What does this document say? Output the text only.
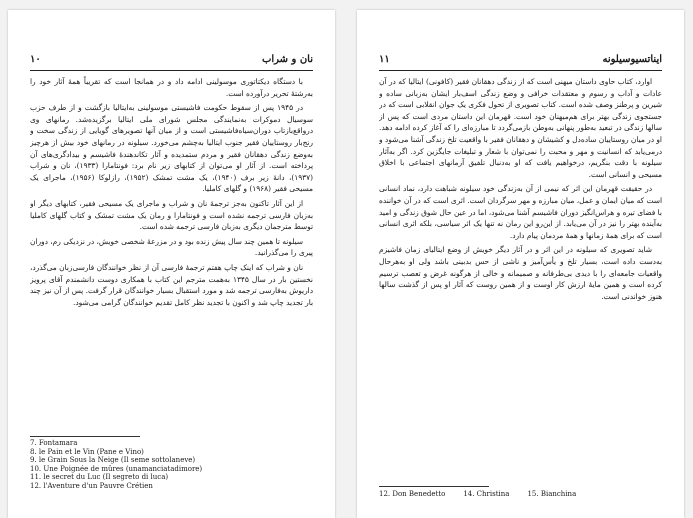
۱۰	نان و شراب

با دستگاه دیکتاتوری موسولینی ادامه داد و در همانجا است که تقریباً همهٔ آثار خود را به‌رشتهٔ تحریر درآورده است.

در ۱۹۴۵ پس از سقوط حکومت فاشیستی موسولینی به‌ایتالیا بازگشت و از طرف حزب سوسیال دموکرات به‌نمایندگی مجلس شورای ملی ایتالیا برگزیده‌شد. رمانهای وی درواقع‌بازتاب دوران‌سیاه‌فاشیستی است و از میان آنها تصویرهای گویایی از زندگی سخت و رنج‌بار روستاییان فقیر جنوب ایتالیا به‌چشم می‌خورد. سیلونه در رمانهای خود بیش از هرچیز به‌وضع زندگی دهقانان فقیر و مردم ستمدیده و آثار تکاندهندهٔ فاشیسم و بیدادگری‌های آن پرداخته است. از آثار او می‌توان از کتابهای زیر نام برد: فونتامارا (۱۹۳۳)، نان و شراب (۱۹۳۷)، دانهٔ زیر برف (۱۹۴۰)، یک مشت تمشک (۱۹۵۲)، رازلوکا (۱۹۵۶)، ماجرای یک مسیحی فقیر (۱۹۶۸) و گلهای کاملیا.

از این آثار تاکنون به‌جز ترجمهٔ نان و شراب و ماجرای یک مسیحی فقیر، کتابهای دیگر او به‌زبان فارسی ترجمه نشده است و فونتامارا و رمان یک مشت تمشک و کتاب گلهای کاملیا توسط مترجمان دیگری به‌زبان فارسی ترجمه شده است.

سیلونه تا همین چند سال پیش زنده بود و در مزرعهٔ شخصی خویش، در نزدیکی رم، دوران پیری را می‌گذرانید.

نان و شراب که اینک چاپ هفتم ترجمهٔ فارسی آن از نظر خوانندگان فارسی‌زبان می‌گذرد، نخستین بار در سال ۱۳۴۵ به‌همت مترجم این کتاب با همکاری دوست دانشمندم آقای پرویز داریوش به‌فارسی ترجمه شد و مورد استقبال بسیار خوانندگان قرار گرفت. پس از آن نیز چند بار تجدید چاپ شد و اکنون با تجدید نظر کامل تقدیم خوانندگان گرامی می‌شود.

7. Fontamara
8. le Pain et le Vin (Pane e Vino)
9. le Grain Sous la Neige (Il seme sottolaneve)
10. Une Poignée de mûres (unamanciatadimore)
11. le secret du Luc (Il segreto di luca)
12. l'Aventure d'un Pauvre Crétien
۱۱	ایناتسیوسیلونه

اوارد، کتاب حاوی داستان میهنی است که از زندگی دهقانان فقیر (کافونی) ایتالیا که در آن عادات و آداب و رسوم و معتقدات خرافی و وضع زندگی اسف‌بار ایشان به‌زبانی ساده و شیرین و پرطنز وصف شده است. کتاب تصویری از تحول فکری یک جوان انقلابی است که در جستجوی زندگی بهتر برای هم‌میهنان خود است. قهرمان این داستان مردی است که پس از سالها زندگی در تبعید به‌طور پنهانی به‌وطن بازمی‌گردد تا مبارزه‌ای را که آغاز کرده ادامه دهد. او در میان روستاییان ساده‌دل و کشیشان و دهقانان فقیر با واقعیت تلخ زندگی آشنا می‌شود و درمی‌یابد که انسانیت و مهر و محبت را نمی‌توان با شعار و تبلیغات جایگزین کرد. اگر به‌آثار سیلونه با دقت بنگریم، درخواهیم یافت که او به‌دنبال تلفیق آرمانهای اجتماعی با اخلاق مسیحی و انسانی است.

در حقیقت قهرمان این اثر که نیمی از آن به‌زندگی خود سیلونه شباهت دارد، نماد انسانی است که میان ایمان و عمل، میان مبارزه و مهر سرگردان است. اثری است که در آن خواننده با فضای تیره و هراس‌انگیز دوران فاشیسم آشنا می‌شود، اما در عین حال شوق زندگی و امید به‌آینده بهتر را نیز در آن می‌یابد. از این‌رو این رمان نه تنها یک اثر سیاسی، بلکه اثری انسانی است که برای همهٔ زمانها و همهٔ مردمان پیام دارد.

شاید تصویری که سیلونه در این اثر و در آثار دیگر خویش از وضع ایتالیای زمان فاشیزم به‌دست داده است، بسیار تلخ و یأس‌آمیز و ناشی از حس بدبینی باشد ولی او به‌هرحال واقعیات جامعه‌ای را با دیدی بی‌طرفانه و صمیمانه و خالی از هرگونه غرض و تعصب ترسیم کرده است و همین مایهٔ ارزش کار اوست و از همین روست که آثار او پس از گذشت سالها هنوز خواندنی است.

12. Don Benedetto	14. Christina	15. Bianchina
